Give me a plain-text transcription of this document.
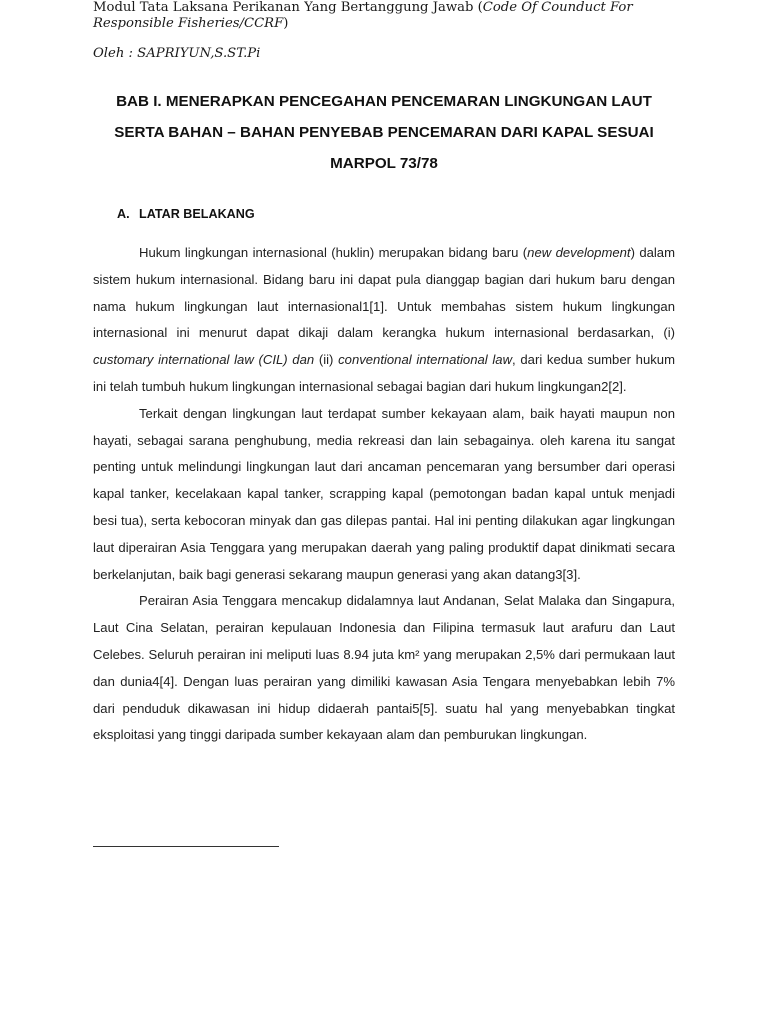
Modul Tata Laksana Perikanan Yang Bertanggung Jawab (Code Of Counduct For Responsible Fisheries/CCRF)
Oleh : SAPRIYUN,S.ST.Pi
BAB I. MENERAPKAN PENCEGAHAN PENCEMARAN LINGKUNGAN LAUT
SERTA BAHAN – BAHAN PENYEBAB PENCEMARAN DARI KAPAL SESUAI
MARPOL 73/78
A. LATAR BELAKANG

Hukum lingkungan internasional (huklin) merupakan bidang baru (new development) dalam sistem hukum internasional. Bidang baru ini dapat pula dianggap bagian dari hukum baru dengan nama hukum lingkungan laut internasional1[1]. Untuk membahas sistem hukum lingkungan internasional ini menurut dapat dikaji dalam kerangka hukum internasional berdasarkan, (i) customary international law (CIL) dan (ii) conventional international law, dari kedua sumber hukum ini telah tumbuh hukum lingkungan internasional sebagai bagian dari hukum lingkungan2[2].

Terkait dengan lingkungan laut terdapat sumber kekayaan alam, baik hayati maupun non hayati, sebagai sarana penghubung, media rekreasi dan lain sebagainya. oleh karena itu sangat penting untuk melindungi lingkungan laut dari ancaman pencemaran yang bersumber dari operasi kapal tanker, kecelakaan kapal tanker, scrapping kapal (pemotongan badan kapal untuk menjadi besi tua), serta kebocoran minyak dan gas dilepas pantai. Hal ini penting dilakukan agar lingkungan laut diperairan Asia Tenggara yang merupakan daerah yang paling produktif dapat dinikmati secara berkelanjutan, baik bagi generasi sekarang maupun generasi yang akan datang3[3].

Perairan Asia Tenggara mencakup didalamnya laut Andanan, Selat Malaka dan Singapura, Laut Cina Selatan, perairan kepulauan Indonesia dan Filipina termasuk laut arafuru dan Laut Celebes. Seluruh perairan ini meliputi luas 8.94 juta km² yang merupakan 2,5% dari permukaan laut dan dunia4[4]. Dengan luas perairan yang dimiliki kawasan Asia Tengara menyebabkan lebih 7% dari penduduk dikawasan ini hidup didaerah pantai5[5]. suatu hal yang menyebabkan tingkat eksploitasi yang tinggi daripada sumber kekayaan alam dan pemburukan lingkungan.
